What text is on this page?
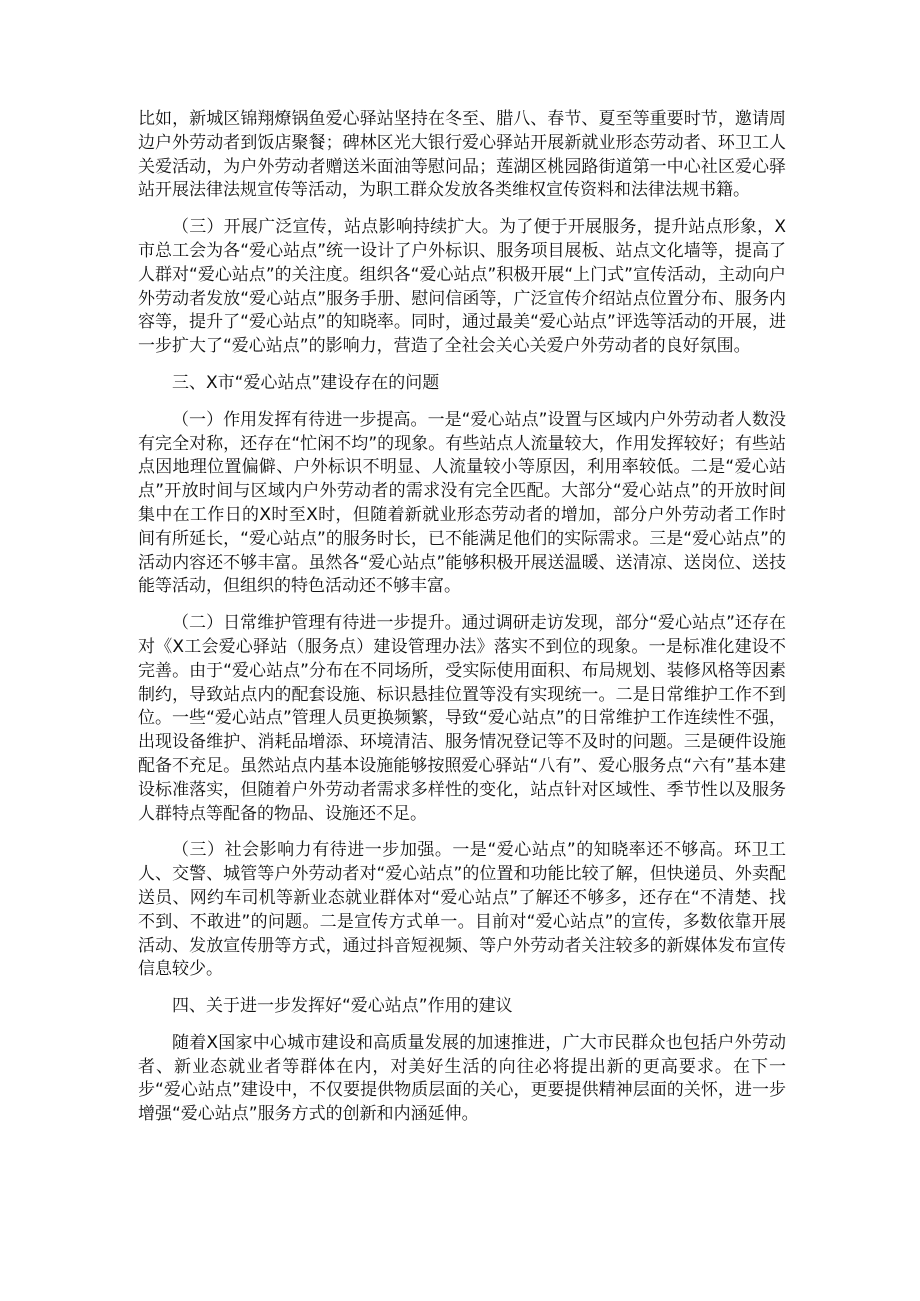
比如，新城区锦翔燎锅鱼爱心驿站坚持在冬至、腊八、春节、夏至等重要时节，邀请周边户外劳动者到饭店聚餐；碑林区光大银行爱心驿站开展新就业形态劳动者、环卫工人关爱活动，为户外劳动者赠送米面油等慰问品；莲湖区桃园路街道第一中心社区爱心驿站开展法律法规宣传等活动，为职工群众发放各类维权宣传资料和法律法规书籍。

（三）开展广泛宣传，站点影响持续扩大。为了便于开展服务，提升站点形象，X市总工会为各“爱心站点”统一设计了户外标识、服务项目展板、站点文化墙等，提高了人群对“爱心站点”的关注度。组织各“爱心站点”积极开展“上门式”宣传活动，主动向户外劳动者发放“爱心站点”服务手册、慰问信函等，广泛宣传介绍站点位置分布、服务内容等，提升了“爱心站点”的知晓率。同时，通过最美“爱心站点”评选等活动的开展，进一步扩大了“爱心站点”的影响力，营造了全社会关心关爱户外劳动者的良好氛围。

三、X市“爱心站点”建设存在的问题

（一）作用发挥有待进一步提高。一是“爱心站点”设置与区域内户外劳动者人数没有完全对称，还存在“忙闲不均”的现象。有些站点人流量较大，作用发挥较好；有些站点因地理位置偏僻、户外标识不明显、人流量较小等原因，利用率较低。二是“爱心站点”开放时间与区域内户外劳动者的需求没有完全匹配。大部分“爱心站点”的开放时间集中在工作日的X时至X时，但随着新就业形态劳动者的增加，部分户外劳动者工作时间有所延长，“爱心站点”的服务时长，已不能满足他们的实际需求。三是“爱心站点”的活动内容还不够丰富。虽然各“爱心站点”能够积极开展送温暖、送清凉、送岗位、送技能等活动，但组织的特色活动还不够丰富。

（二）日常维护管理有待进一步提升。通过调研走访发现，部分“爱心站点”还存在对《X工会爱心驿站（服务点）建设管理办法》落实不到位的现象。一是标准化建设不完善。由于“爱心站点”分布在不同场所，受实际使用面积、布局规划、装修风格等因素制约，导致站点内的配套设施、标识悬挂位置等没有实现统一。二是日常维护工作不到位。一些“爱心站点”管理人员更换频繁，导致“爱心站点”的日常维护工作连续性不强，出现设备维护、消耗品增添、环境清洁、服务情况登记等不及时的问题。三是硬件设施配备不充足。虽然站点内基本设施能够按照爱心驿站“八有”、爱心服务点“六有”基本建设标准落实，但随着户外劳动者需求多样性的变化，站点针对区域性、季节性以及服务人群特点等配备的物品、设施还不足。

（三）社会影响力有待进一步加强。一是“爱心站点”的知晓率还不够高。环卫工人、交警、城管等户外劳动者对“爱心站点”的位置和功能比较了解，但快递员、外卖配送员、网约车司机等新业态就业群体对“爱心站点”了解还不够多，还存在“不清楚、找不到、不敢进”的问题。二是宣传方式单一。目前对“爱心站点”的宣传，多数依靠开展活动、发放宣传册等方式，通过抖音短视频、等户外劳动者关注较多的新媒体发布宣传信息较少。

四、关于进一步发挥好“爱心站点”作用的建议

随着X国家中心城市建设和高质量发展的加速推进，广大市民群众也包括户外劳动者、新业态就业者等群体在内，对美好生活的向往必将提出新的更高要求。在下一步“爱心站点”建设中，不仅要提供物质层面的关心，更要提供精神层面的关怀，进一步增强“爱心站点”服务方式的创新和内涵延伸。
